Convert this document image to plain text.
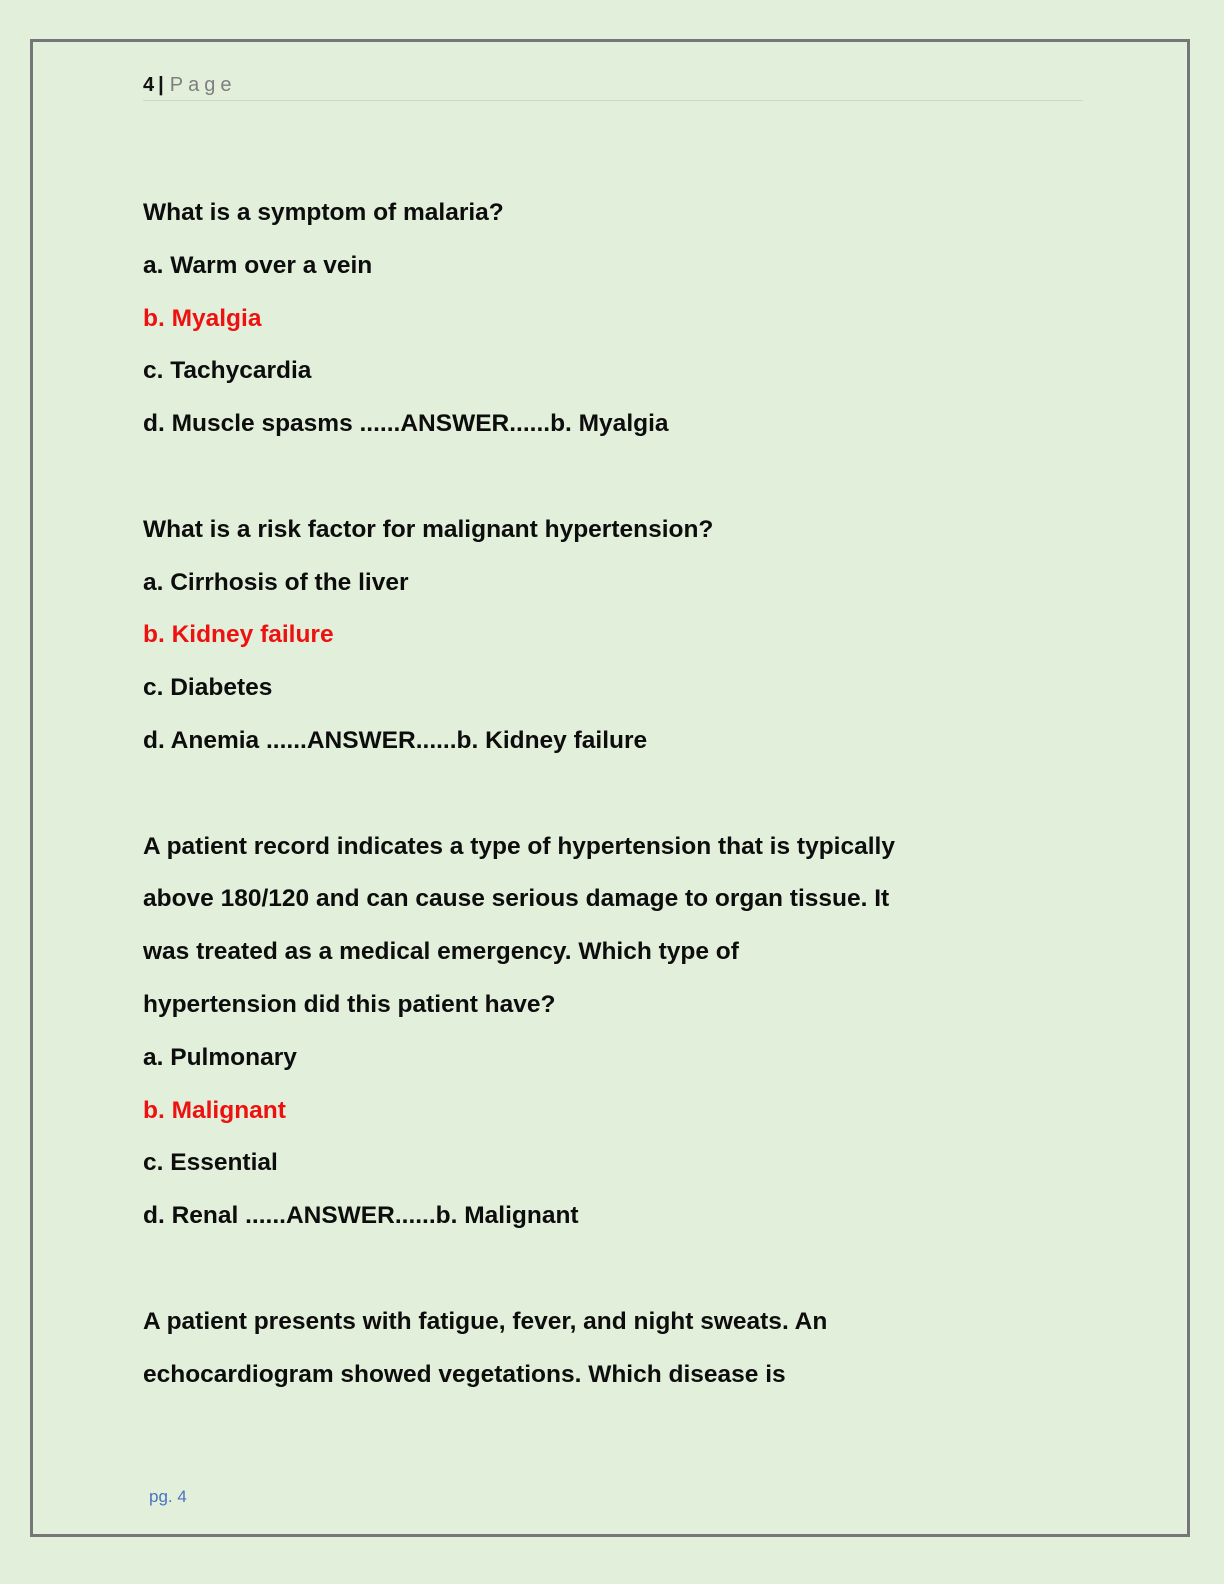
4 | Page
What is a symptom of malaria?
a. Warm over a vein
b. Myalgia
c. Tachycardia
d. Muscle spasms ......ANSWER......b. Myalgia
What is a risk factor for malignant hypertension?
a. Cirrhosis of the liver
b. Kidney failure
c. Diabetes
d. Anemia ......ANSWER......b. Kidney failure
A patient record indicates a type of hypertension that is typically
above 180/120 and can cause serious damage to organ tissue. It
was treated as a medical emergency. Which type of
hypertension did this patient have?
a. Pulmonary
b. Malignant
c. Essential
d. Renal ......ANSWER......b. Malignant
A patient presents with fatigue, fever, and night sweats. An
echocardiogram showed vegetations. Which disease is
pg. 4
